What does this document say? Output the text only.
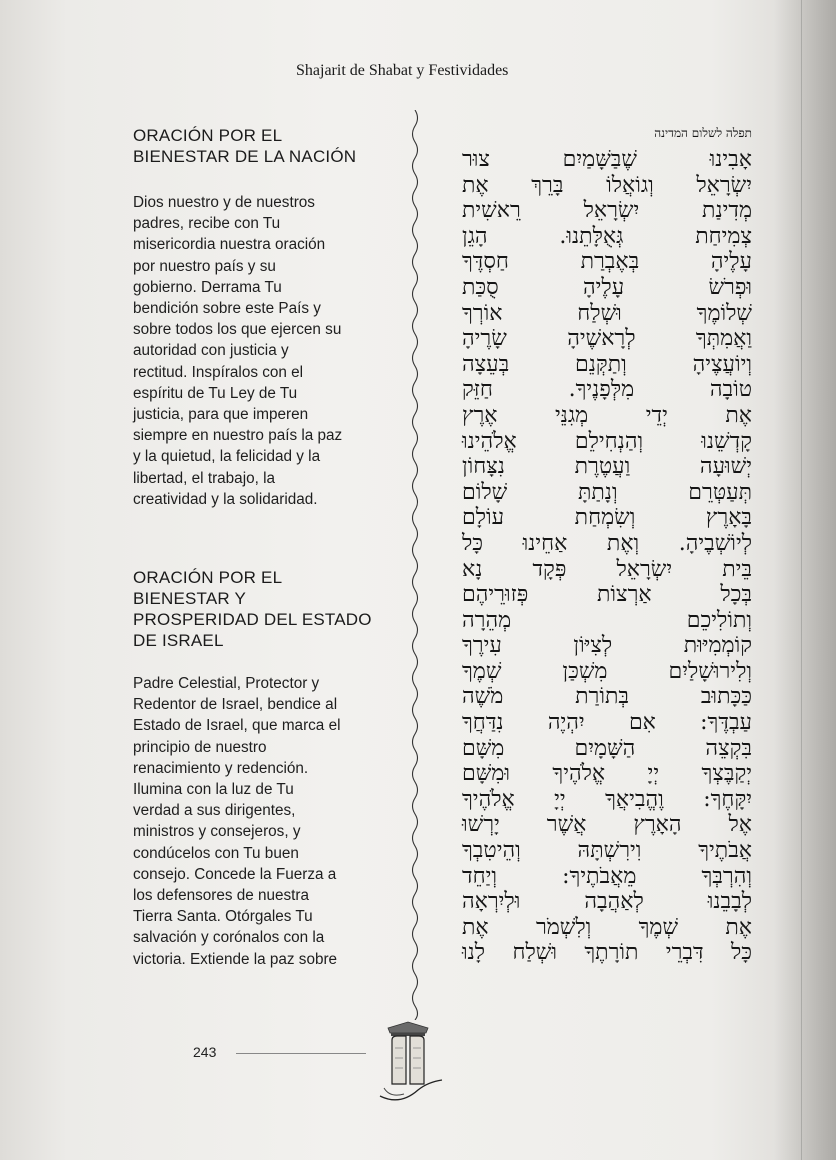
Shajarit de Shabat y Festividades
ORACIÓN POR EL
BIENESTAR DE LA NACIÓN

Dios nuestro y de nuestros
padres, recibe con Tu
misericordia nuestra oración
por nuestro país y su
gobierno. Derrama Tu
bendición sobre este País y
sobre todos los que ejercen su
autoridad con justicia y
rectitud. Inspíralos con el
espíritu de Tu Ley de Tu
justicia, para que imperen
siempre en nuestro país la paz
y la quietud, la felicidad y la
libertad, el trabajo, la
creatividad y la solidaridad.

ORACIÓN POR EL
BIENESTAR Y
PROSPERIDAD DEL ESTADO
DE ISRAEL

Padre Celestial, Protector y
Redentor de Israel, bendice al
Estado de Israel, que marca el
principio de nuestro
renacimiento y redención.
Ilumina con la luz de Tu
verdad a sus dirigentes,
ministros y consejeros, y
condúcelos con Tu buen
consejo. Concede la Fuerza a
los defensores de nuestra
Tierra Santa. Otórgales Tu
salvación y corónalos con la
victoria. Extiende la paz sobre

תפלה לשלום המדינה
אָבִינוּ שֶׁבַּשָּׁמַיִם צוּר
יִשְׂרָאֵל וְגוֹאֲלוֹ בָּרֵךְ אֶת
מְדִינַת יִשְׂרָאֵל רֵאשִׁית
צְמִיחַת גְּאֻלָּתֵנוּ. הָגֵן
עָלֶיהָ בְּאֶבְרַת חַסְדֶּךָ
וּפְרֹשׂ עָלֶיהָ סֻכַּת
שְׁלוֹמֶךָ וּשְׁלַח אוֹרְךָ
וַאֲמִתְּךָ לְרָאשֶׁיהָ שָׂרֶיהָ
וְיוֹעֲצֶיהָ וְתַקְּנֵם בְּעֵצָה
טוֹבָה מִלְּפָנֶיךָ. חַזֵּק
אֶת יְדֵי מְגִנֵּי אֶרֶץ
קָדְשֵׁנוּ וְהַנְחִילֵם אֱלֹהֵינוּ
יְשׁוּעָה וַעֲטֶרֶת נִצָּחוֹן
תְּעַטְּרֵם וְנָתַתָּ שָׁלוֹם
בָּאָרֶץ וְשִׂמְחַת עוֹלָם
לְיוֹשְׁבֶיהָ. וְאֶת אַחֵינוּ כָּל
בֵּית יִשְׂרָאֵל פְּקָד נָא
בְּכָל אַרְצוֹת פְּזוּרֵיהֶם
וְתוֹלִיכֵם מְהֵרָה
קוֹמְמִיּוּת לְצִיּוֹן עִירֶךָ
וְלִירוּשָׁלַיִם מִשְׁכַּן שְׁמֶךָ
כַּכָּתוּב בְּתוֹרַת מֹשֶׁה
עַבְדֶּךָ: אִם יִהְיֶה נִדַּחֲךָ
בִּקְצֵה הַשָּׁמָיִם מִשָּׁם
יְקַבֶּצְךָ יְיָ אֱלֹהֶיךָ וּמִשָּׁם
יִקָּחֶךָ: וֶהֱבִיאֲךָ יְיָ אֱלֹהֶיךָ
אֶל הָאָרֶץ אֲשֶׁר יָרְשׁוּ
אֲבֹתֶיךָ וִירִשְׁתָּהּ וְהֵיטִבְךָ
וְהִרְבְּךָ מֵאֲבֹתֶיךָ: וְיַחֵד
לְבָבֵנוּ לְאַהֲבָה וּלְיִרְאָה
אֶת שְׁמֶךָ וְלִשְׁמֹר אֶת
כָּל דִּבְרֵי תוֹרָתֶךָ וּשְׁלַח לָנוּ
243
